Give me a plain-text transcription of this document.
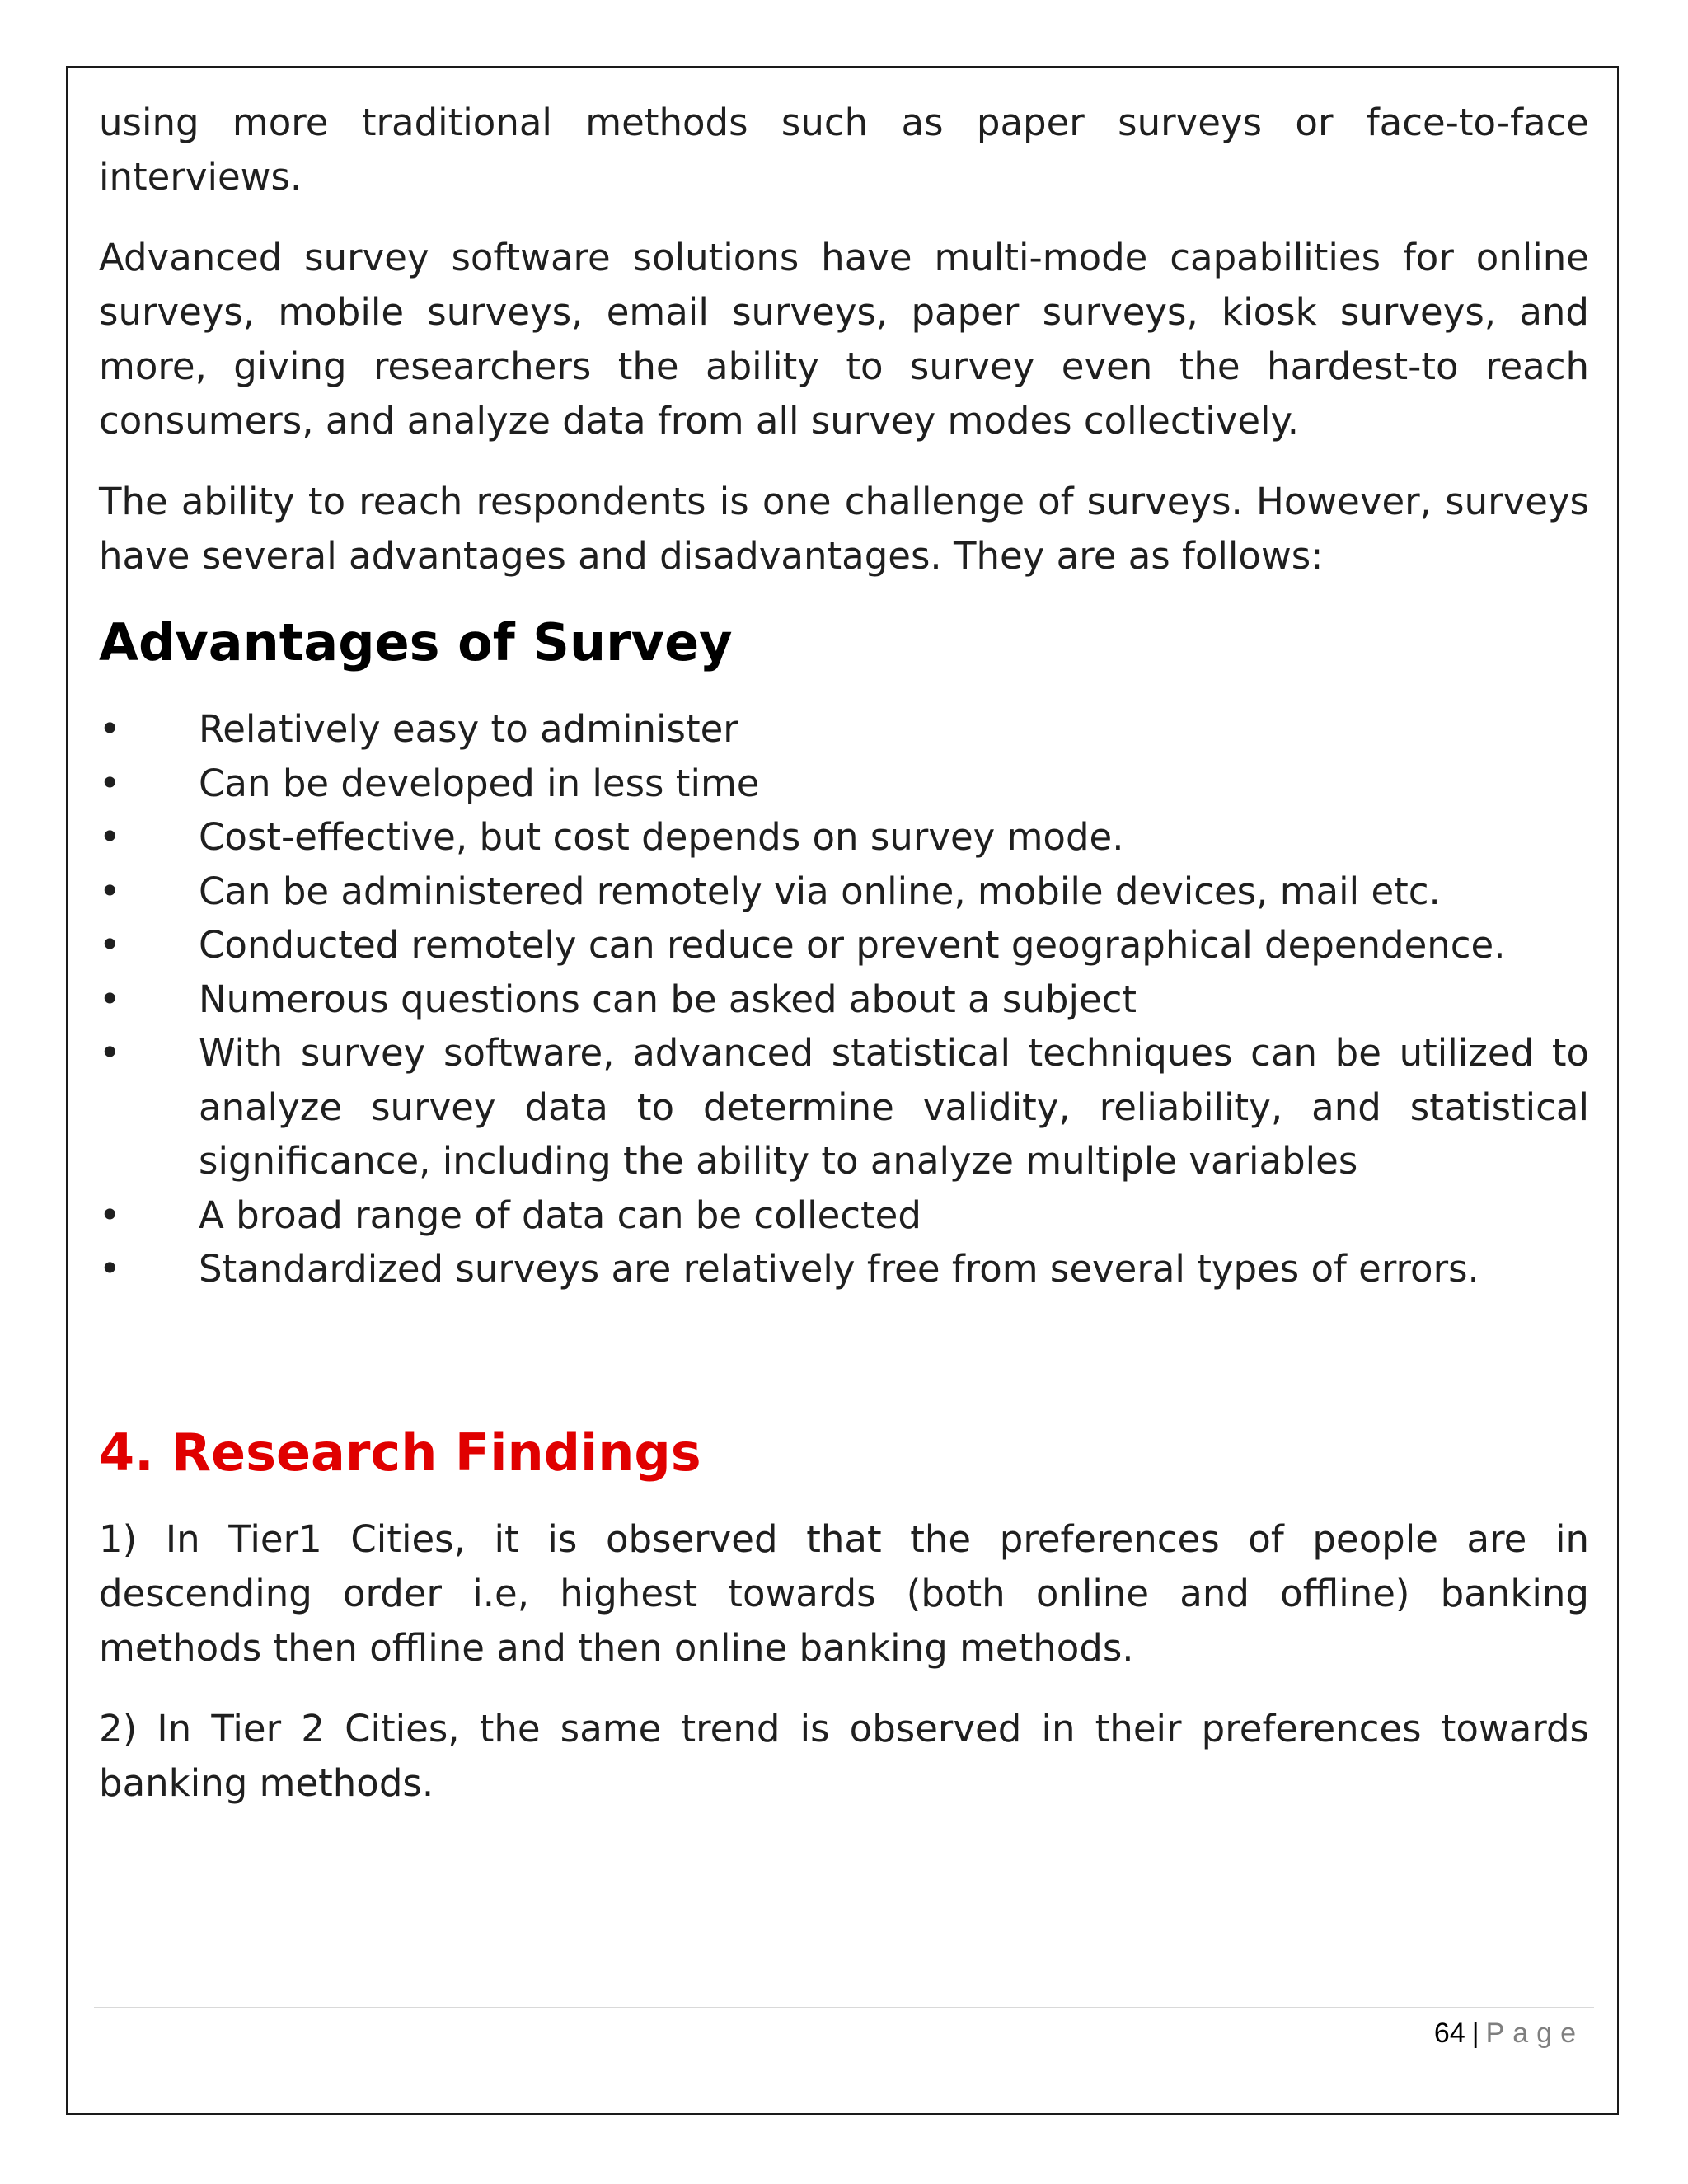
using more traditional methods such as paper surveys or face-to-face interviews.

Advanced survey software solutions have multi-mode capabilities for online surveys, mobile surveys, email surveys, paper surveys, kiosk surveys, and more, giving researchers the ability to survey even the hardest-to reach consumers, and analyze data from all survey modes collectively.

The ability to reach respondents is one challenge of surveys. However, surveys have several advantages and disadvantages. They are as follows:

Advantages of Survey
• Relatively easy to administer
• Can be developed in less time
• Cost-effective, but cost depends on survey mode.
• Can be administered remotely via online, mobile devices, mail etc.
• Conducted remotely can reduce or prevent geographical dependence.
• Numerous questions can be asked about a subject
• With survey software, advanced statistical techniques can be utilized to analyze survey data to determine validity, reliability, and statistical significance, including the ability to analyze multiple variables
• A broad range of data can be collected
• Standardized surveys are relatively free from several types of errors.
4. Research Findings

1) In Tier1 Cities, it is observed that the preferences of people are in descending order i.e, highest towards (both online and offline) banking methods then offline and then online banking methods.

2) In Tier 2 Cities, the same trend is observed in their preferences towards banking methods.

64 | Page
